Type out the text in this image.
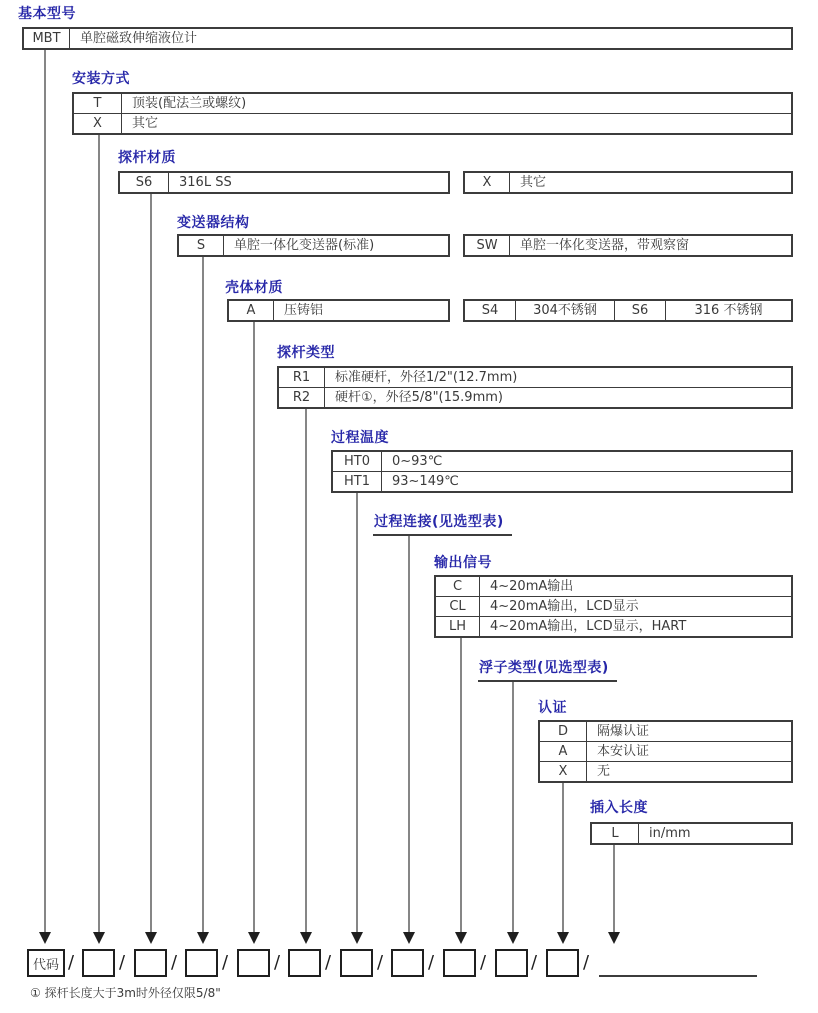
基本型号
MBT	单腔磁致伸缩液位计
安装方式
T	顶装(配法兰或螺纹)
X	其它
探杆材质
S6	316L SS	X	其它
变送器结构
S	单腔一体化变送器(标准)	SW	单腔一体化变送器，带观察窗
壳体材质
A	压铸铝	S4	304不锈钢	S6	316 不锈钢
探杆类型
R1	标准硬杆，外径1/2"(12.7mm)
R2	硬杆①，外径5/8"(15.9mm)
过程温度
HT0	0~93℃
HT1	93~149℃
过程连接(见选型表)
输出信号
C	4~20mA输出
CL	4~20mA输出，LCD显示
LH	4~20mA输出，LCD显示，HART
浮子类型(见选型表)
认证
D	隔爆认证
A	本安认证
X	无
插入长度
L	in/mm
代码 / /	/ /	/ /	/ /	/ /	/
① 探杆长度大于3m时外径仅限5/8"
